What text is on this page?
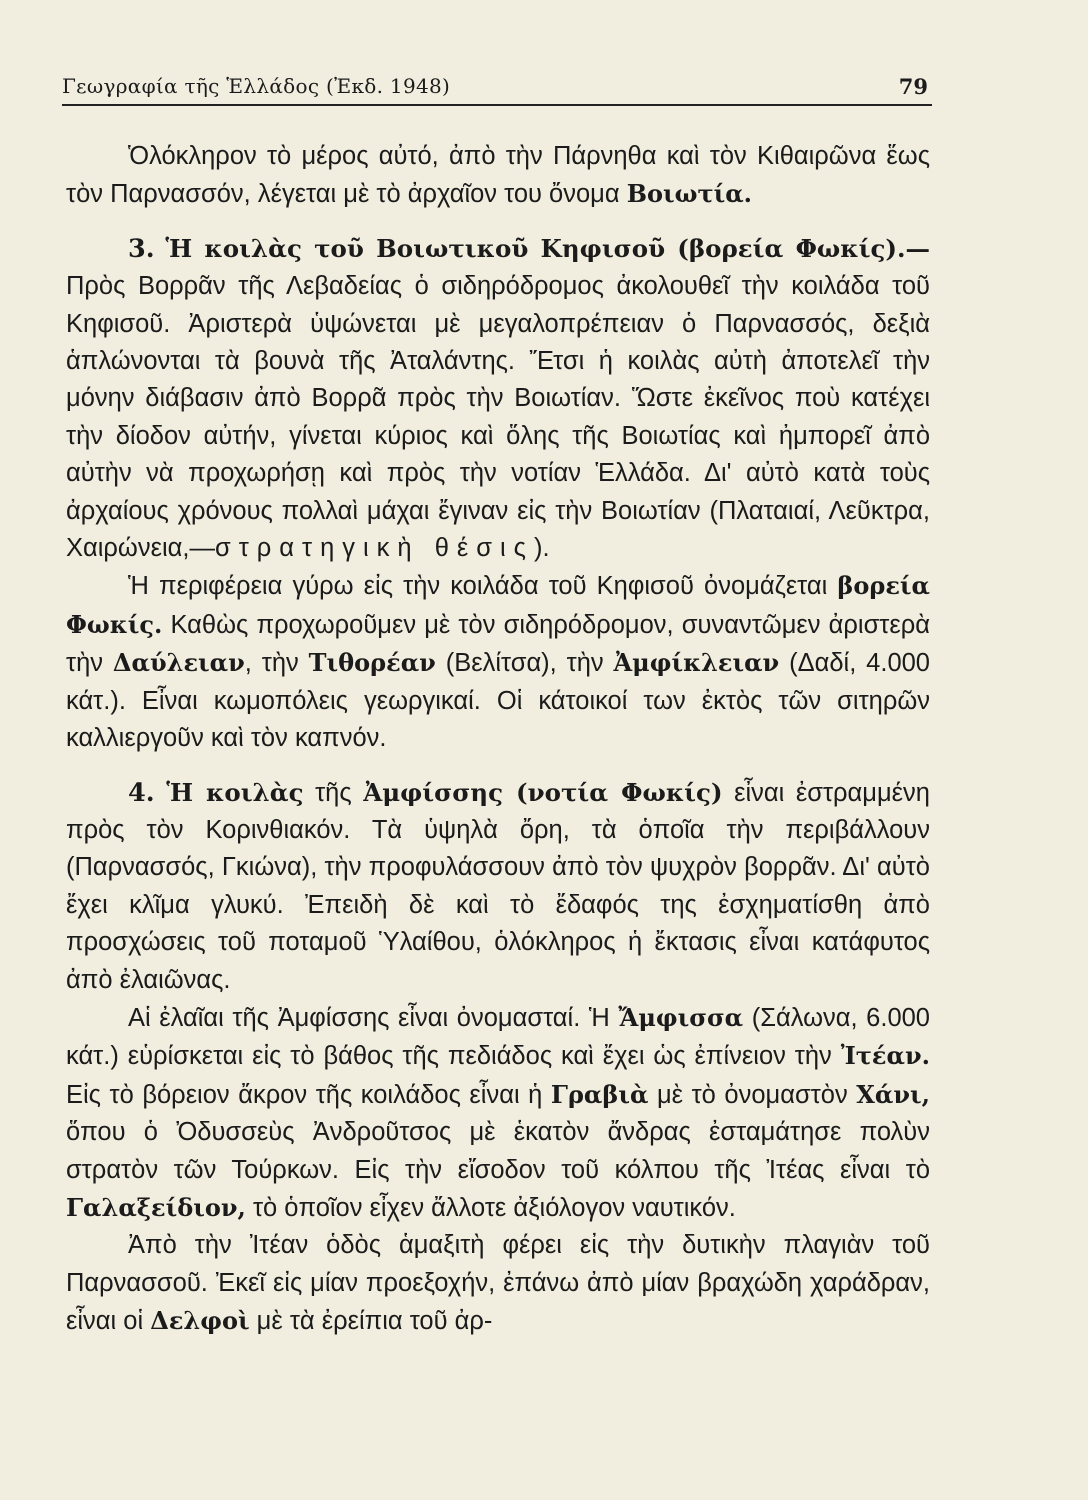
Γεωγραφία τῆς Ἑλλάδος (Ἐκδ. 1948)	79

Ὁλόκληρον τὸ μέρος αὐτό, ἀπὸ τὴν Πάρνηθα καὶ τὸν Κιθαιρῶνα ἕως τὸν Παρνασσόν, λέγεται μὲ τὸ ἀρχαῖον του ὄνομα Βοιωτία.

3. Ἡ κοιλὰς τοῦ Βοιωτικοῦ Κηφισοῦ (βορεία Φωκίς).— Πρὸς Βορρᾶν τῆς Λεβαδείας ὁ σιδηρόδρομος ἀκολουθεῖ τὴν κοιλάδα τοῦ Κηφισοῦ. Ἀριστερὰ ὑψώνεται μὲ μεγαλοπρέπειαν ὁ Παρνασσός, δεξιὰ ἁπλώνονται τὰ βουνὰ τῆς Ἀταλάντης. Ἔτσι ἡ κοιλὰς αὐτὴ ἀποτελεῖ τὴν μόνην διάβασιν ἀπὸ Βορρᾶ πρὸς τὴν Βοιωτίαν. Ὥστε ἐκεῖνος ποὺ κατέχει τὴν δίοδον αὐτήν, γίνεται κύριος καὶ ὅλης τῆς Βοιωτίας καὶ ἠμπορεῖ ἀπὸ αὐτὴν νὰ προχωρήσῃ καὶ πρὸς τὴν νοτίαν Ἑλλάδα. Δι' αὐτὸ κατὰ τοὺς ἀρχαίους χρόνους πολλαὶ μάχαι ἔγιναν εἰς τὴν Βοιωτίαν (Πλαταιαί, Λεῦκτρα, Χαιρώνεια,—στρατηγικὴ θέσις).

Ἡ περιφέρεια γύρω εἰς τὴν κοιλάδα τοῦ Κηφισοῦ ὀνομάζεται βορεία Φωκίς. Καθὼς προχωροῦμεν μὲ τὸν σιδηρόδρομον, συναντῶμεν ἀριστερὰ τὴν Δαύλειαν, τὴν Τιθορέαν (Βελίτσα), τὴν Ἀμφίκλειαν (Δαδί, 4.000 κάτ.). Εἶναι κωμοπόλεις γεωργικαί. Οἱ κάτοικοί των ἐκτὸς τῶν σιτηρῶν καλλιεργοῦν καὶ τὸν καπνόν.

4. Ἡ κοιλὰς τῆς Ἀμφίσσης (νοτία Φωκίς) εἶναι ἐστραμμένη πρὸς τὸν Κορινθιακόν. Τὰ ὑψηλὰ ὄρη, τὰ ὁποῖα τὴν περιβάλλουν (Παρνασσός, Γκιώνα), τὴν προφυλάσσουν ἀπὸ τὸν ψυχρὸν βορρᾶν. Δι' αὐτὸ ἔχει κλῖμα γλυκύ. Ἐπειδὴ δὲ καὶ τὸ ἔδαφός της ἐσχηματίσθη ἀπὸ προσχώσεις τοῦ ποταμοῦ Ὑλαίθου, ὁλόκληρος ἡ ἔκτασις εἶναι κατάφυτος ἀπὸ ἐλαιῶνας.

Αἱ ἐλαῖαι τῆς Ἀμφίσσης εἶναι ὀνομασταί. Ἡ Ἄμφισσα (Σάλωνα, 6.000 κάτ.) εὑρίσκεται εἰς τὸ βάθος τῆς πεδιάδος καὶ ἔχει ὡς ἐπίνειον τὴν Ἰτέαν. Εἰς τὸ βόρειον ἄκρον τῆς κοιλάδος εἶναι ἡ Γραβιὰ μὲ τὸ ὀνομαστὸν Χάνι, ὅπου ὁ Ὀδυσσεὺς Ἀνδροῦτσος μὲ ἑκατὸν ἄνδρας ἐσταμάτησε πολὺν στρατὸν τῶν Τούρκων. Εἰς τὴν εἴσοδον τοῦ κόλπου τῆς Ἰτέας εἶναι τὸ Γαλαξείδιον, τὸ ὁποῖον εἶχεν ἄλλοτε ἀξιόλογον ναυτικόν.

Ἀπὸ τὴν Ἰτέαν ὁδὸς ἁμαξιτὴ φέρει εἰς τὴν δυτικὴν πλαγιὰν τοῦ Παρνασσοῦ. Ἐκεῖ εἰς μίαν προεξοχήν, ἐπάνω ἀπὸ μίαν βραχώδη χαράδραν, εἶναι οἱ Δελφοὶ μὲ τὰ ἐρείπια τοῦ ἀρ-
